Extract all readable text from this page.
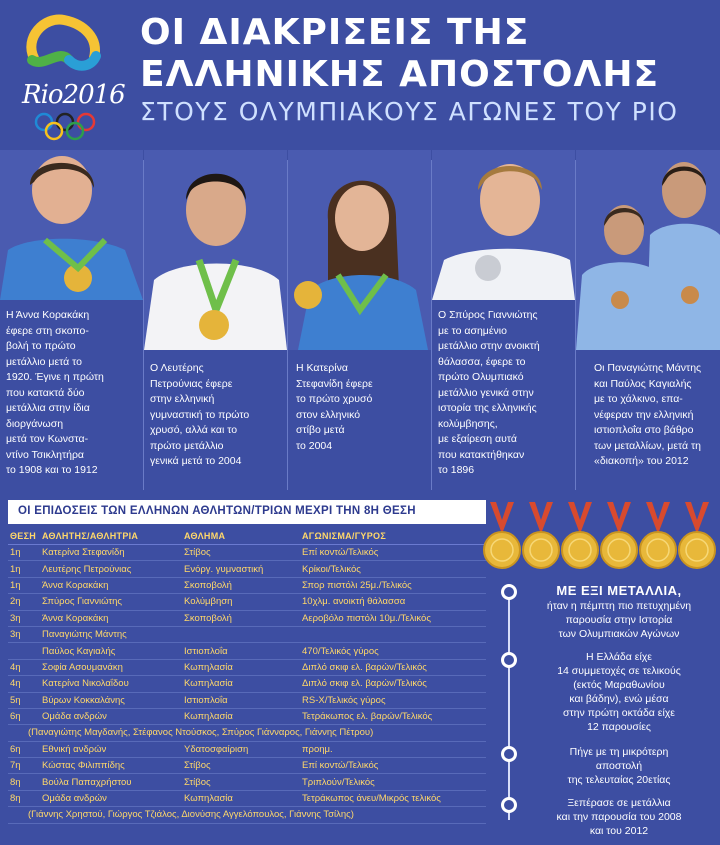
Rio2016
ΟΙ ΔΙΑΚΡΙΣΕΙΣ ΤΗΣ
ΕΛΛΗΝΙΚΗΣ ΑΠΟΣΤΟΛΗΣ
ΣΤΟΥΣ ΟΛΥΜΠΙΑΚΟΥΣ ΑΓΩΝΕΣ ΤΟΥ ΡΙΟ
Η Άννα Κορακάκη
έφερε στη σκοπο-
βολή το πρώτο
μετάλλιο μετά το
1920. Έγινε η πρώτη
που κατακτά δύο
μετάλλια στην ίδια
διοργάνωση
μετά τον Κωνστα-
ντίνο Τσικλητήρα
το 1908 και το 1912
Ο Λευτέρης
Πετρούνιας έφερε
στην ελληνική
γυμναστική το πρώτο
χρυσό, αλλά και το
πρώτο μετάλλιο
γενικά μετά το 2004
Η Κατερίνα
Στεφανίδη έφερε
το πρώτο χρυσό
στον ελληνικό
στίβο μετά
το 2004
Ο Σπύρος Γιαννιώτης
με το ασημένιο
μετάλλιο στην ανοικτή
θάλασσα, έφερε το
πρώτο Ολυμπιακό
μετάλλιο γενικά στην
ιστορία της ελληνικής
κολύμβησης,
με εξαίρεση αυτά
που κατακτήθηκαν
το 1896
Οι Παναγιώτης Μάντης
και Παύλος Καγιαλής
με το χάλκινο, επα-
νέφεραν την ελληνική
ιστιοπλοΐα στο βάθρο
των μεταλλίων, μετά τη
«διακοπή» του 2012
ΟΙ ΕΠΙΔΟΣΕΙΣ ΤΩΝ ΕΛΛΗΝΩΝ ΑΘΛΗΤΩΝ/ΤΡΙΩΝ ΜΕΧΡΙ ΤΗΝ 8Η ΘΕΣΗ
ΘΕΣΗ ΑΘΛΗΤΗΣ/ΑΘΛΗΤΡΙΑ	ΑΘΛΗΜΑ	ΑΓΩΝΙΣΜΑ/ΓΥΡΟΣ
1η	Κατερίνα Στεφανίδη	Στίβος	Επί κοντώ/Τελικός
1η	Λευτέρης Πετρούνιας	Ενόργ. γυμναστική	Κρίκοι/Τελικός
1η	Άννα Κορακάκη	Σκοποβολή	Σπορ πιστόλι 25μ./Τελικός
2η	Σπύρος Γιαννιώτης	Κολύμβηση	10χλμ. ανοικτή θάλασσα
3η	Άννα Κορακάκη	Σκοποβολή	Αεροβόλο πιστόλι 10μ./Τελικός
3η	Παναγιώτης Μάντης
Παύλος Καγιαλής	Ιστιοπλοΐα	470/Τελικός γύρος
4η	Σοφία Ασουμανάκη	Κωπηλασία	Διπλό σκιφ ελ. βαρών/Τελικός
4η	Κατερίνα Νικολαΐδου	Κωπηλασία	Διπλό σκιφ ελ. βαρών/Τελικός
5η	Βύρων Κοκκαλάνης	Ιστιοπλοΐα	RS-X/Τελικός γύρος
6η	Ομάδα ανδρών	Κωπηλασία	Τετράκωπος ελ. βαρών/Τελικός
(Παναγιώτης Μαγδανής, Στέφανος Ντούσκος, Σπύρος Γιάνναρος, Γιάννης Πέτρου)
6η	Εθνική ανδρών	Υδατοσφαίριση	προημ.
7η	Κώστας Φιλιππίδης	Στίβος	Επί κοντώ/Τελικός
8η	Βούλα Παπαχρήστου	Στίβος	Τριπλούν/Τελικός
8η	Ομάδα ανδρών	Κωπηλασία	Τετράκωπος άνευ/Μικρός τελικός
(Γιάννης Χρηστού, Γιώργος Τζιάλος, Διονύσης Αγγελόπουλος, Γιάννης Τσίλης)
ΜΕ ΕΞΙ ΜΕΤΑΛΛΙΑ,
ήταν η πέμπτη πιο πετυχημένη
παρουσία στην Ιστορία
των Ολυμπιακών Αγώνων
Η Ελλάδα είχε
14 συμμετοχές σε τελικούς
(εκτός Μαραθωνίου
και βάδην), ενώ μέσα
στην πρώτη οκτάδα είχε
12 παρουσίες
Πήγε με τη μικρότερη
αποστολή
της τελευταίας 20ετίας
Ξεπέρασε σε μετάλλια
και την παρουσία του 2008
και του 2012
